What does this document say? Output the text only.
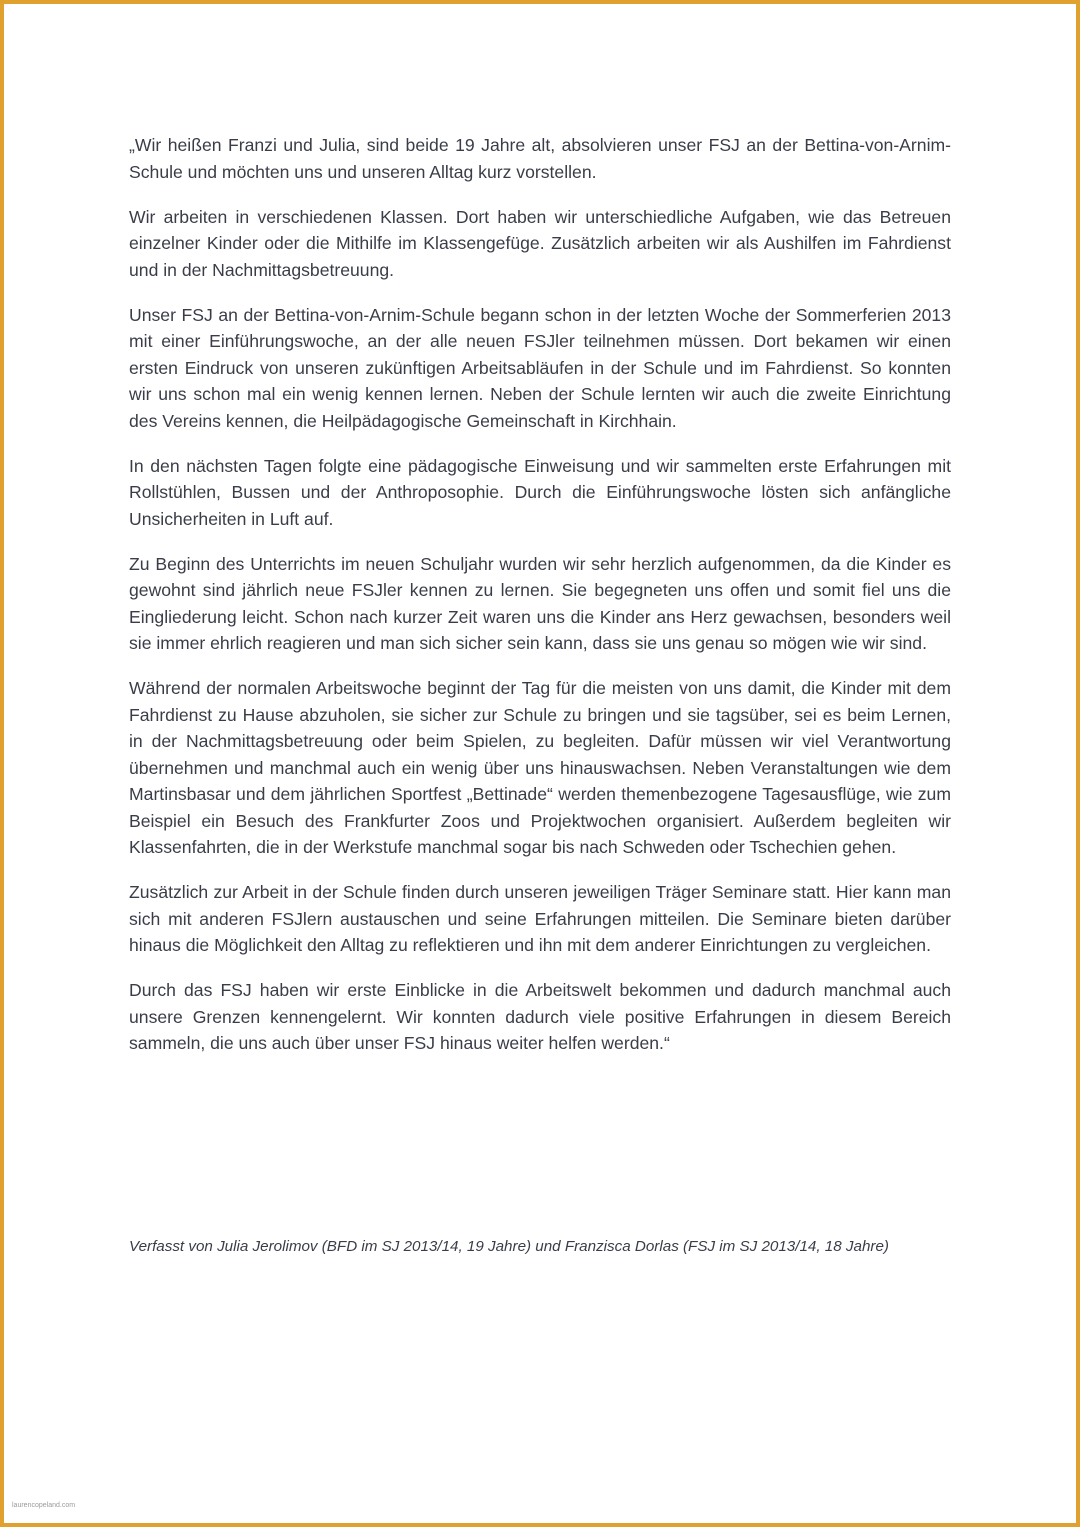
„Wir heißen Franzi und Julia, sind beide 19 Jahre alt, absolvieren unser FSJ an der Bettina-von-Arnim-Schule und möchten uns und unseren Alltag kurz vorstellen.

Wir arbeiten in verschiedenen Klassen. Dort haben wir unterschiedliche Aufgaben, wie das Betreuen einzelner Kinder oder die Mithilfe im Klassengefüge. Zusätzlich arbeiten wir als Aushilfen im Fahrdienst und in der Nachmittagsbetreuung.

Unser FSJ an der Bettina-von-Arnim-Schule begann schon in der letzten Woche der Sommerferien 2013 mit einer Einführungswoche, an der alle neuen FSJler teilnehmen müssen. Dort bekamen wir einen ersten Eindruck von unseren zukünftigen Arbeitsabläufen in der Schule und im Fahrdienst. So konnten wir uns schon mal ein wenig kennen lernen. Neben der Schule lernten wir auch die zweite Einrichtung des Vereins kennen, die Heilpädagogische Gemeinschaft in Kirchhain.

In den nächsten Tagen folgte eine pädagogische Einweisung und wir sammelten erste Erfahrungen mit Rollstühlen, Bussen und der Anthroposophie. Durch die Einführungswoche lösten sich anfängliche Unsicherheiten in Luft auf.

Zu Beginn des Unterrichts im neuen Schuljahr wurden wir sehr herzlich aufgenommen, da die Kinder es gewohnt sind jährlich neue FSJler kennen zu lernen. Sie begegneten uns offen und somit fiel uns die Eingliederung leicht. Schon nach kurzer Zeit waren uns die Kinder ans Herz gewachsen, besonders weil sie immer ehrlich reagieren und man sich sicher sein kann, dass sie uns genau so mögen wie wir sind.

Während der normalen Arbeitswoche beginnt der Tag für die meisten von uns damit, die Kinder mit dem Fahrdienst zu Hause abzuholen, sie sicher zur Schule zu bringen und sie tagsüber, sei es beim Lernen, in der Nachmittagsbetreuung oder beim Spielen, zu begleiten. Dafür müssen wir viel Verantwortung übernehmen und manchmal auch ein wenig über uns hinauswachsen. Neben Veranstaltungen wie dem Martinsbasar und dem jährlichen Sportfest „Bettinade“ werden themenbezogene Tagesausflüge, wie zum Beispiel ein Besuch des Frankfurter Zoos und Projektwochen organisiert. Außerdem begleiten wir Klassenfahrten, die in der Werkstufe manchmal sogar bis nach Schweden oder Tschechien gehen.

Zusätzlich zur Arbeit in der Schule finden durch unseren jeweiligen Träger Seminare statt. Hier kann man sich mit anderen FSJlern austauschen und seine Erfahrungen mitteilen. Die Seminare bieten darüber hinaus die Möglichkeit den Alltag zu reflektieren und ihn mit dem anderer Einrichtungen zu vergleichen.

Durch das FSJ haben wir erste Einblicke in die Arbeitswelt bekommen und dadurch manchmal auch unsere Grenzen kennengelernt. Wir konnten dadurch viele positive Erfahrungen in diesem Bereich sammeln, die uns auch über unser FSJ hinaus weiter helfen werden.“

Verfasst von Julia Jerolimov (BFD im SJ 2013/14, 19 Jahre) und Franzisca Dorlas (FSJ im SJ 2013/14, 18 Jahre)
laurencopeland.com
